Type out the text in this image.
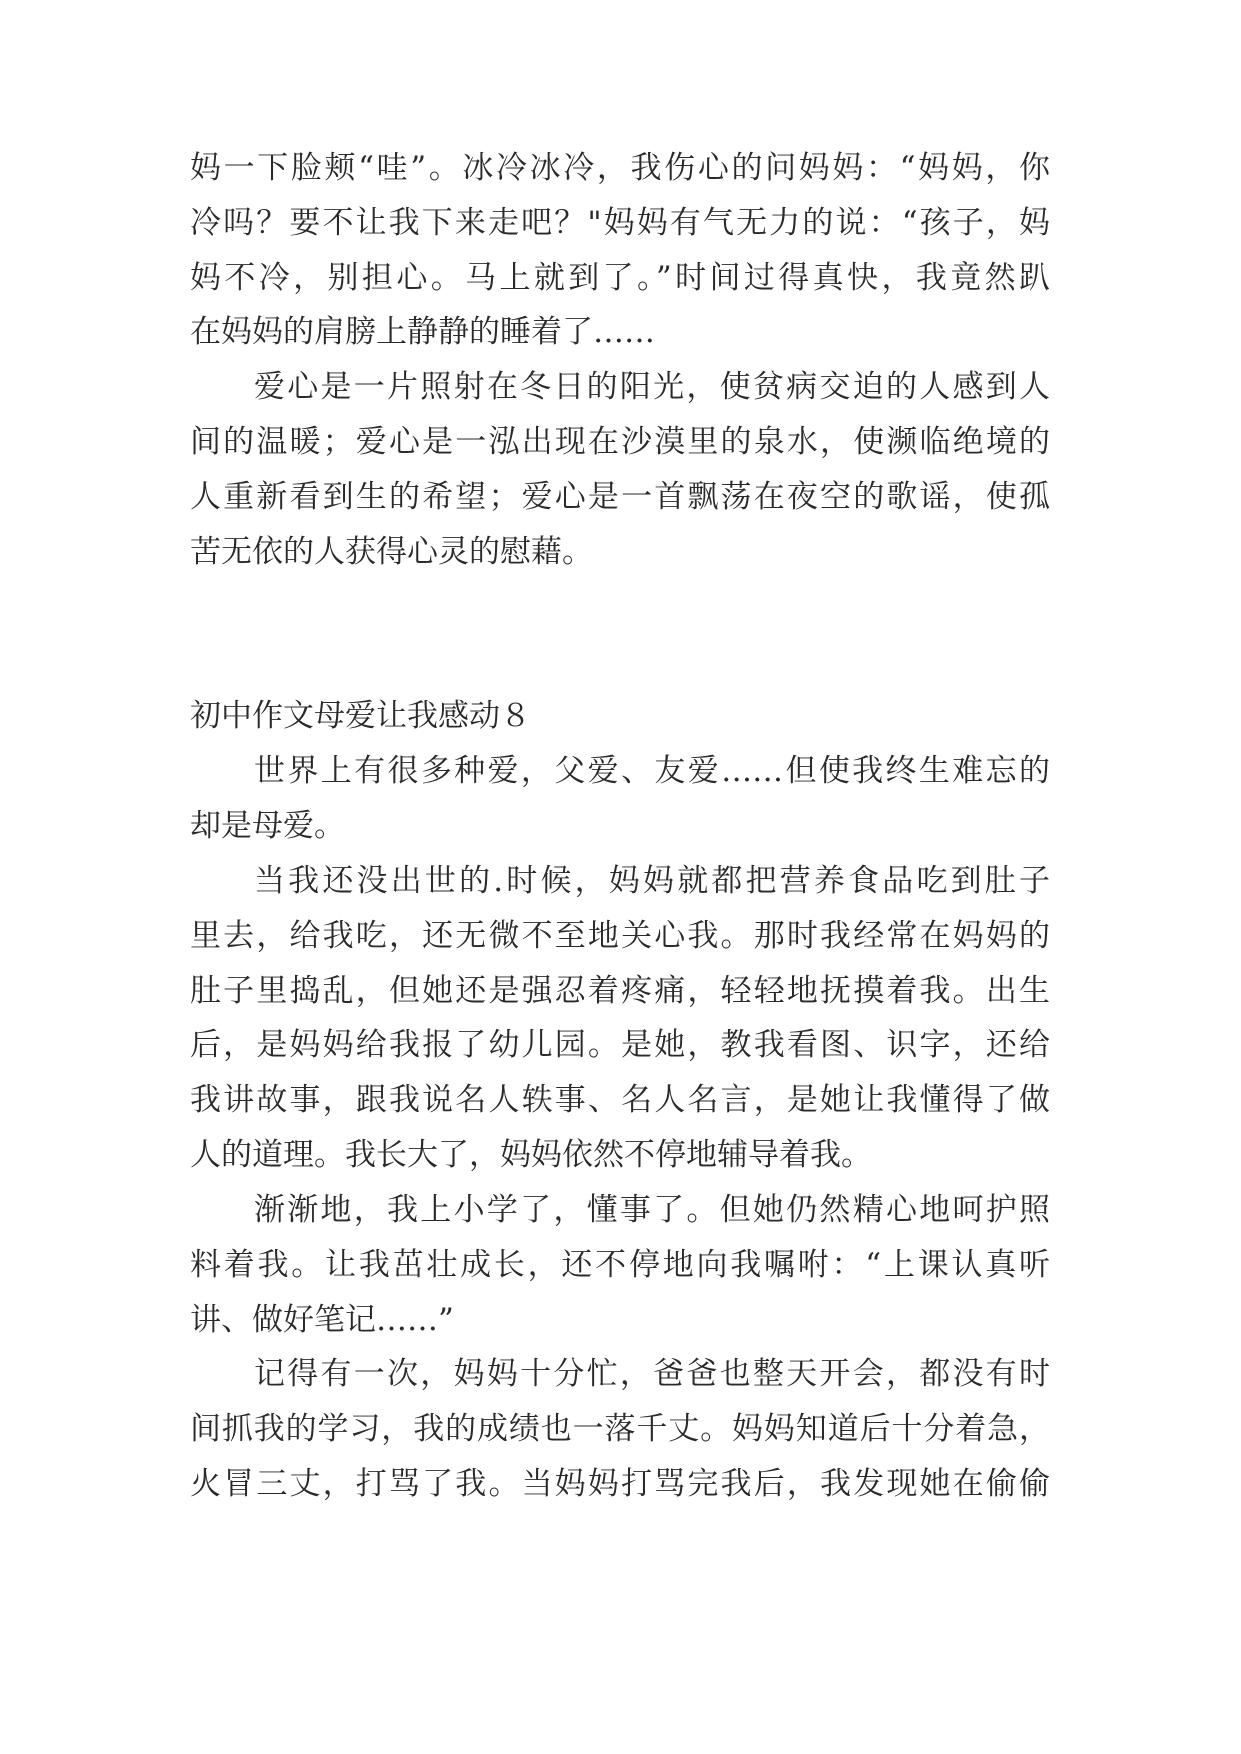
妈一下脸颊“哇”。冰冷冰冷，我伤心的问妈妈：“妈妈，你
冷吗？要不让我下来走吧？"妈妈有气无力的说：“孩子，妈
妈不冷，别担心。马上就到了。”时间过得真快，我竟然趴
在妈妈的肩膀上静静的睡着了……
爱心是一片照射在冬日的阳光，使贫病交迫的人感到人
间的温暖；爱心是一泓出现在沙漠里的泉水，使濒临绝境的
人重新看到生的希望；爱心是一首飘荡在夜空的歌谣，使孤
苦无依的人获得心灵的慰藉。
初中作文母爱让我感动８
世界上有很多种爱，父爱、友爱……但使我终生难忘的
却是母爱。
当我还没出世的.时候，妈妈就都把营养食品吃到肚子
里去，给我吃，还无微不至地关心我。那时我经常在妈妈的
肚子里捣乱，但她还是强忍着疼痛，轻轻地抚摸着我。出生
后，是妈妈给我报了幼儿园。是她，教我看图、识字，还给
我讲故事，跟我说名人轶事、名人名言，是她让我懂得了做
人的道理。我长大了，妈妈依然不停地辅导着我。
渐渐地，我上小学了，懂事了。但她仍然精心地呵护照
料着我。让我茁壮成长，还不停地向我嘱咐：“上课认真听
讲、做好笔记……”
记得有一次，妈妈十分忙，爸爸也整天开会，都没有时
间抓我的学习，我的成绩也一落千丈。妈妈知道后十分着急，
火冒三丈，打骂了我。当妈妈打骂完我后，我发现她在偷偷
